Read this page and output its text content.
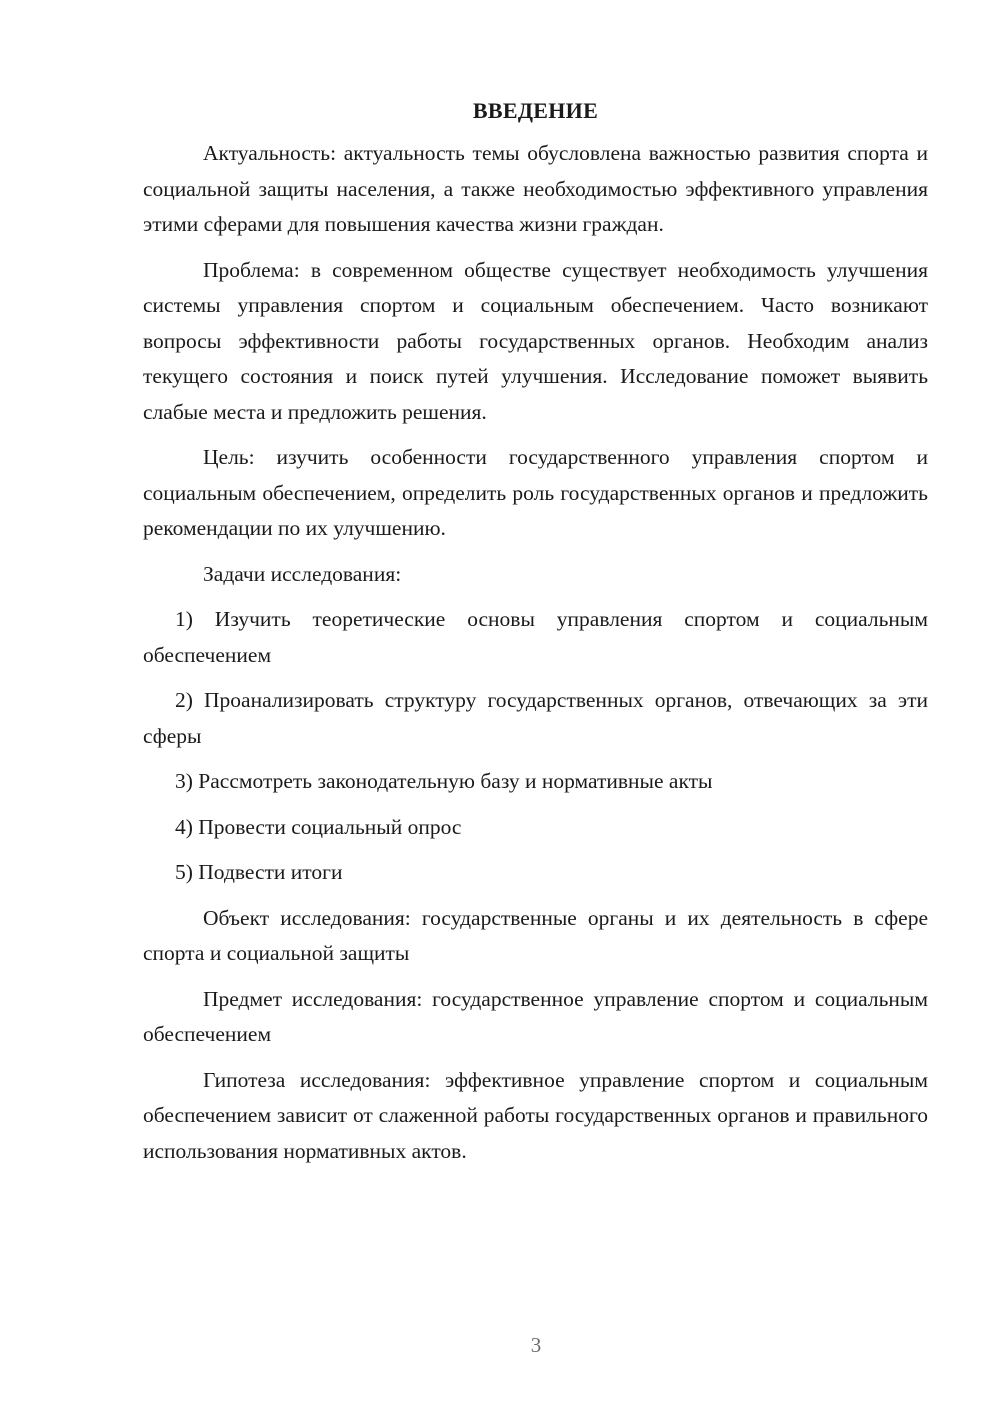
ВВЕДЕНИЕ

Актуальность: актуальность темы обусловлена важностью развития спорта и социальной защиты населения, а также необходимостью эффективного управления этими сферами для повышения качества жизни граждан.

Проблема: в современном обществе существует необходимость улучшения системы управления спортом и социальным обеспечением. Часто возникают вопросы эффективности работы государственных органов. Необходим анализ текущего состояния и поиск путей улучшения. Исследование поможет выявить слабые места и предложить решения.

Цель: изучить особенности государственного управления спортом и социальным обеспечением, определить роль государственных органов и предложить рекомендации по их улучшению.

Задачи исследования:

1) Изучить теоретические основы управления спортом и социальным обеспечением

2) Проанализировать структуру государственных органов, отвечающих за эти сферы

3) Рассмотреть законодательную базу и нормативные акты

4) Провести социальный опрос

5) Подвести итоги

Объект исследования: государственные органы и их деятельность в сфере спорта и социальной защиты

Предмет исследования: государственное управление спортом и социальным обеспечением

Гипотеза исследования: эффективное управление спортом и социальным обеспечением зависит от слаженной работы государственных органов и правильного использования нормативных актов.

3
